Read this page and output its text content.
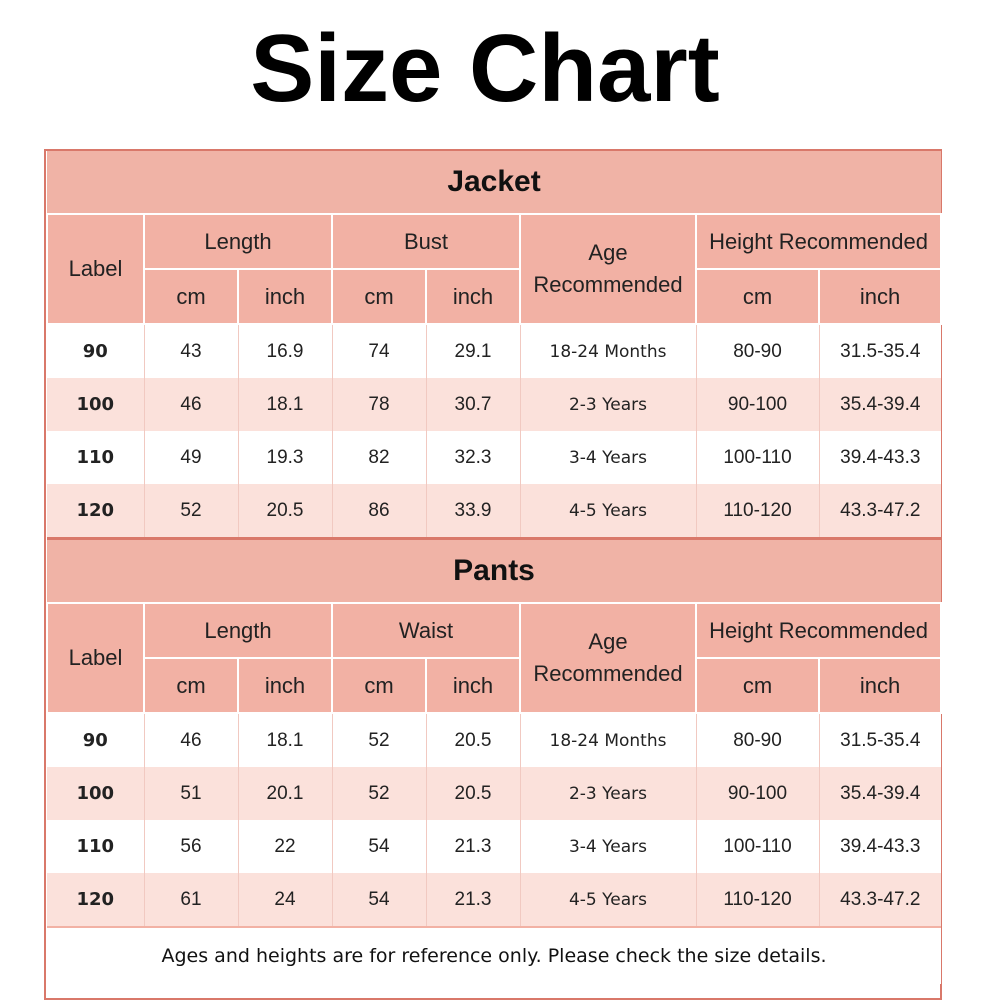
Size Chart
Jacket							
Label	Length		Bust		Age Recommended	Height Recommended	
	cm	inch	cm	inch		cm	inch
90	43	16.9	74	29.1	18-24 Months	80-90	31.5-35.4
100	46	18.1	78	30.7	2-3 Years	90-100	35.4-39.4
110	49	19.3	82	32.3	3-4 Years	100-110	39.4-43.3
120	52	20.5	86	33.9	4-5 Years	110-120	43.3-47.2

Pants							
Label	Length		Waist		Age Recommended	Height Recommended	
	cm	inch	cm	inch		cm	inch
90	46	18.1	52	20.5	18-24 Months	80-90	31.5-35.4
100	51	20.1	52	20.5	2-3 Years	90-100	35.4-39.4
110	56	22	54	21.3	3-4 Years	100-110	39.4-43.3
120	61	24	54	21.3	4-5 Years	110-120	43.3-47.2
Ages and heights are for reference only. Please check the size details.							
